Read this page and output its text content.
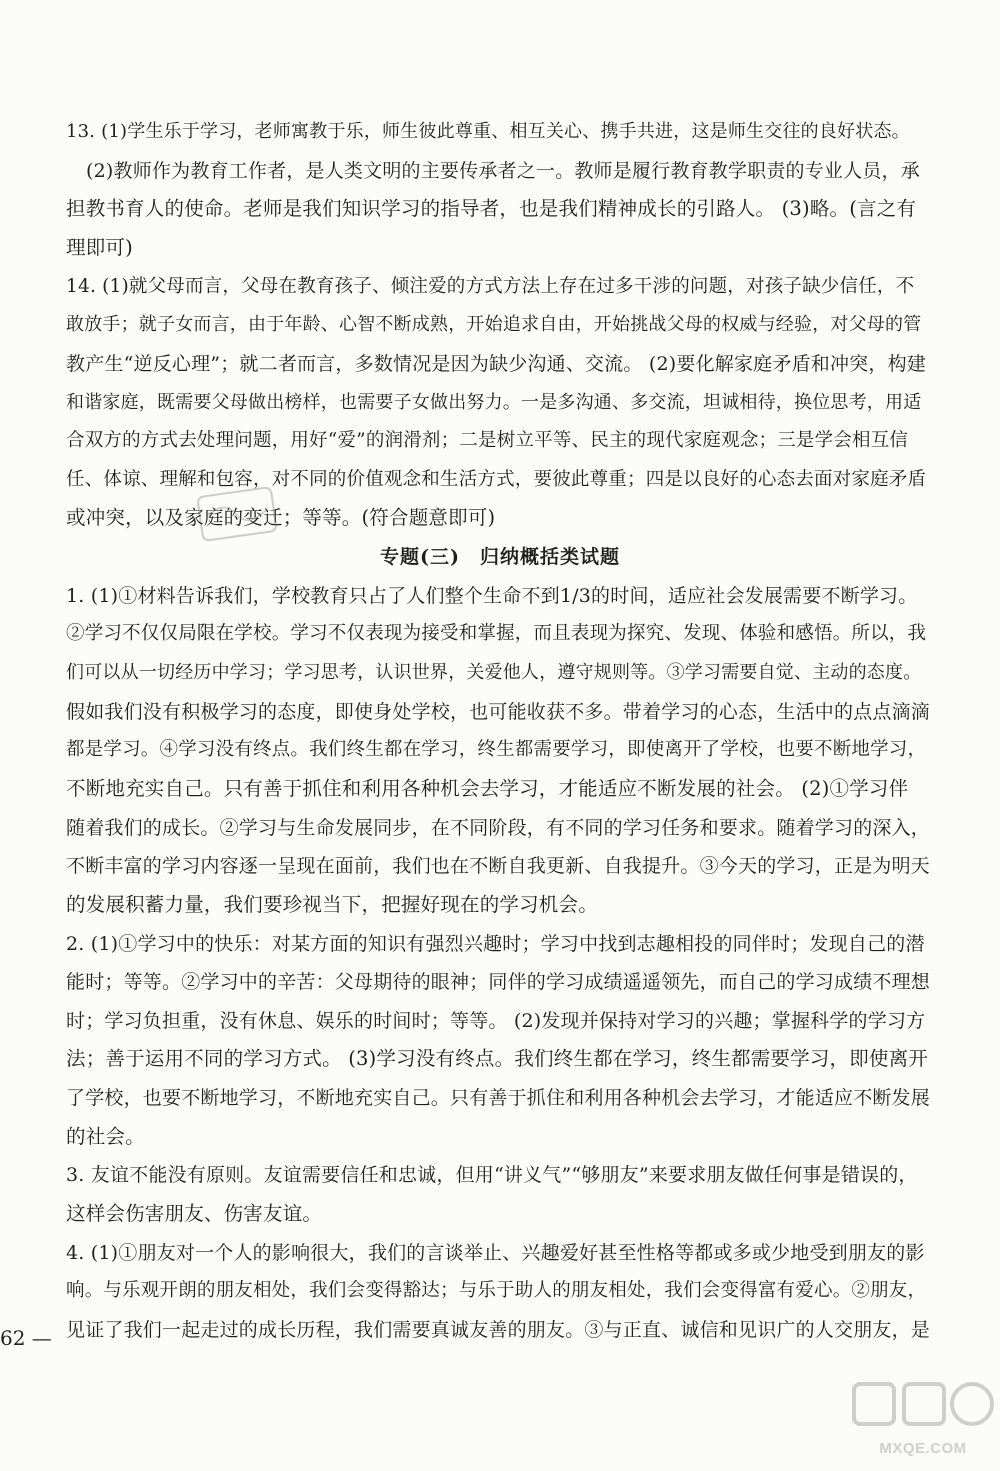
13. (1)学生乐于学习，老师寓教于乐，师生彼此尊重、相互关心、携手共进，这是师生交往的良好状态。
(2)教师作为教育工作者，是人类文明的主要传承者之一。教师是履行教育教学职责的专业人员，承
担教书育人的使命。老师是我们知识学习的指导者，也是我们精神成长的引路人。 (3)略。(言之有
理即可)
14. (1)就父母而言，父母在教育孩子、倾注爱的方式方法上存在过多干涉的问题，对孩子缺少信任，不
敢放手；就子女而言，由于年龄、心智不断成熟，开始追求自由，开始挑战父母的权威与经验，对父母的管
教产生“逆反心理”；就二者而言，多数情况是因为缺少沟通、交流。 (2)要化解家庭矛盾和冲突，构建
和谐家庭，既需要父母做出榜样，也需要子女做出努力。一是多沟通、多交流，坦诚相待，换位思考，用适
合双方的方式去处理问题，用好“爱”的润滑剂；二是树立平等、民主的现代家庭观念；三是学会相互信
任、体谅、理解和包容，对不同的价值观念和生活方式，要彼此尊重；四是以良好的心态去面对家庭矛盾
或冲突，以及家庭的变迁；等等。(符合题意即可)
专题(三)　归纳概括类试题
1. (1)①材料告诉我们，学校教育只占了人们整个生命不到1/3的时间，适应社会发展需要不断学习。
②学习不仅仅局限在学校。学习不仅表现为接受和掌握，而且表现为探究、发现、体验和感悟。所以，我
们可以从一切经历中学习；学习思考，认识世界，关爱他人，遵守规则等。③学习需要自觉、主动的态度。
假如我们没有积极学习的态度，即使身处学校，也可能收获不多。带着学习的心态，生活中的点点滴滴
都是学习。④学习没有终点。我们终生都在学习，终生都需要学习，即使离开了学校，也要不断地学习，
不断地充实自己。只有善于抓住和利用各种机会去学习，才能适应不断发展的社会。 (2)①学习伴
随着我们的成长。②学习与生命发展同步，在不同阶段，有不同的学习任务和要求。随着学习的深入，
不断丰富的学习内容逐一呈现在面前，我们也在不断自我更新、自我提升。③今天的学习，正是为明天
的发展积蓄力量，我们要珍视当下，把握好现在的学习机会。
2. (1)①学习中的快乐：对某方面的知识有强烈兴趣时；学习中找到志趣相投的同伴时；发现自己的潜
能时；等等。②学习中的辛苦：父母期待的眼神；同伴的学习成绩遥遥领先，而自己的学习成绩不理想
时；学习负担重，没有休息、娱乐的时间时；等等。 (2)发现并保持对学习的兴趣；掌握科学的学习方
法；善于运用不同的学习方式。 (3)学习没有终点。我们终生都在学习，终生都需要学习，即使离开
了学校，也要不断地学习，不断地充实自己。只有善于抓住和利用各种机会去学习，才能适应不断发展
的社会。
3. 友谊不能没有原则。友谊需要信任和忠诚，但用“讲义气”“够朋友”来要求朋友做任何事是错误的，
这样会伤害朋友、伤害友谊。
4. (1)①朋友对一个人的影响很大，我们的言谈举止、兴趣爱好甚至性格等都或多或少地受到朋友的影
响。与乐观开朗的朋友相处，我们会变得豁达；与乐于助人的朋友相处，我们会变得富有爱心。②朋友，
见证了我们一起走过的成长历程，我们需要真诚友善的朋友。③与正直、诚信和见识广的人交朋友，是
62 —
MXQE.COM
